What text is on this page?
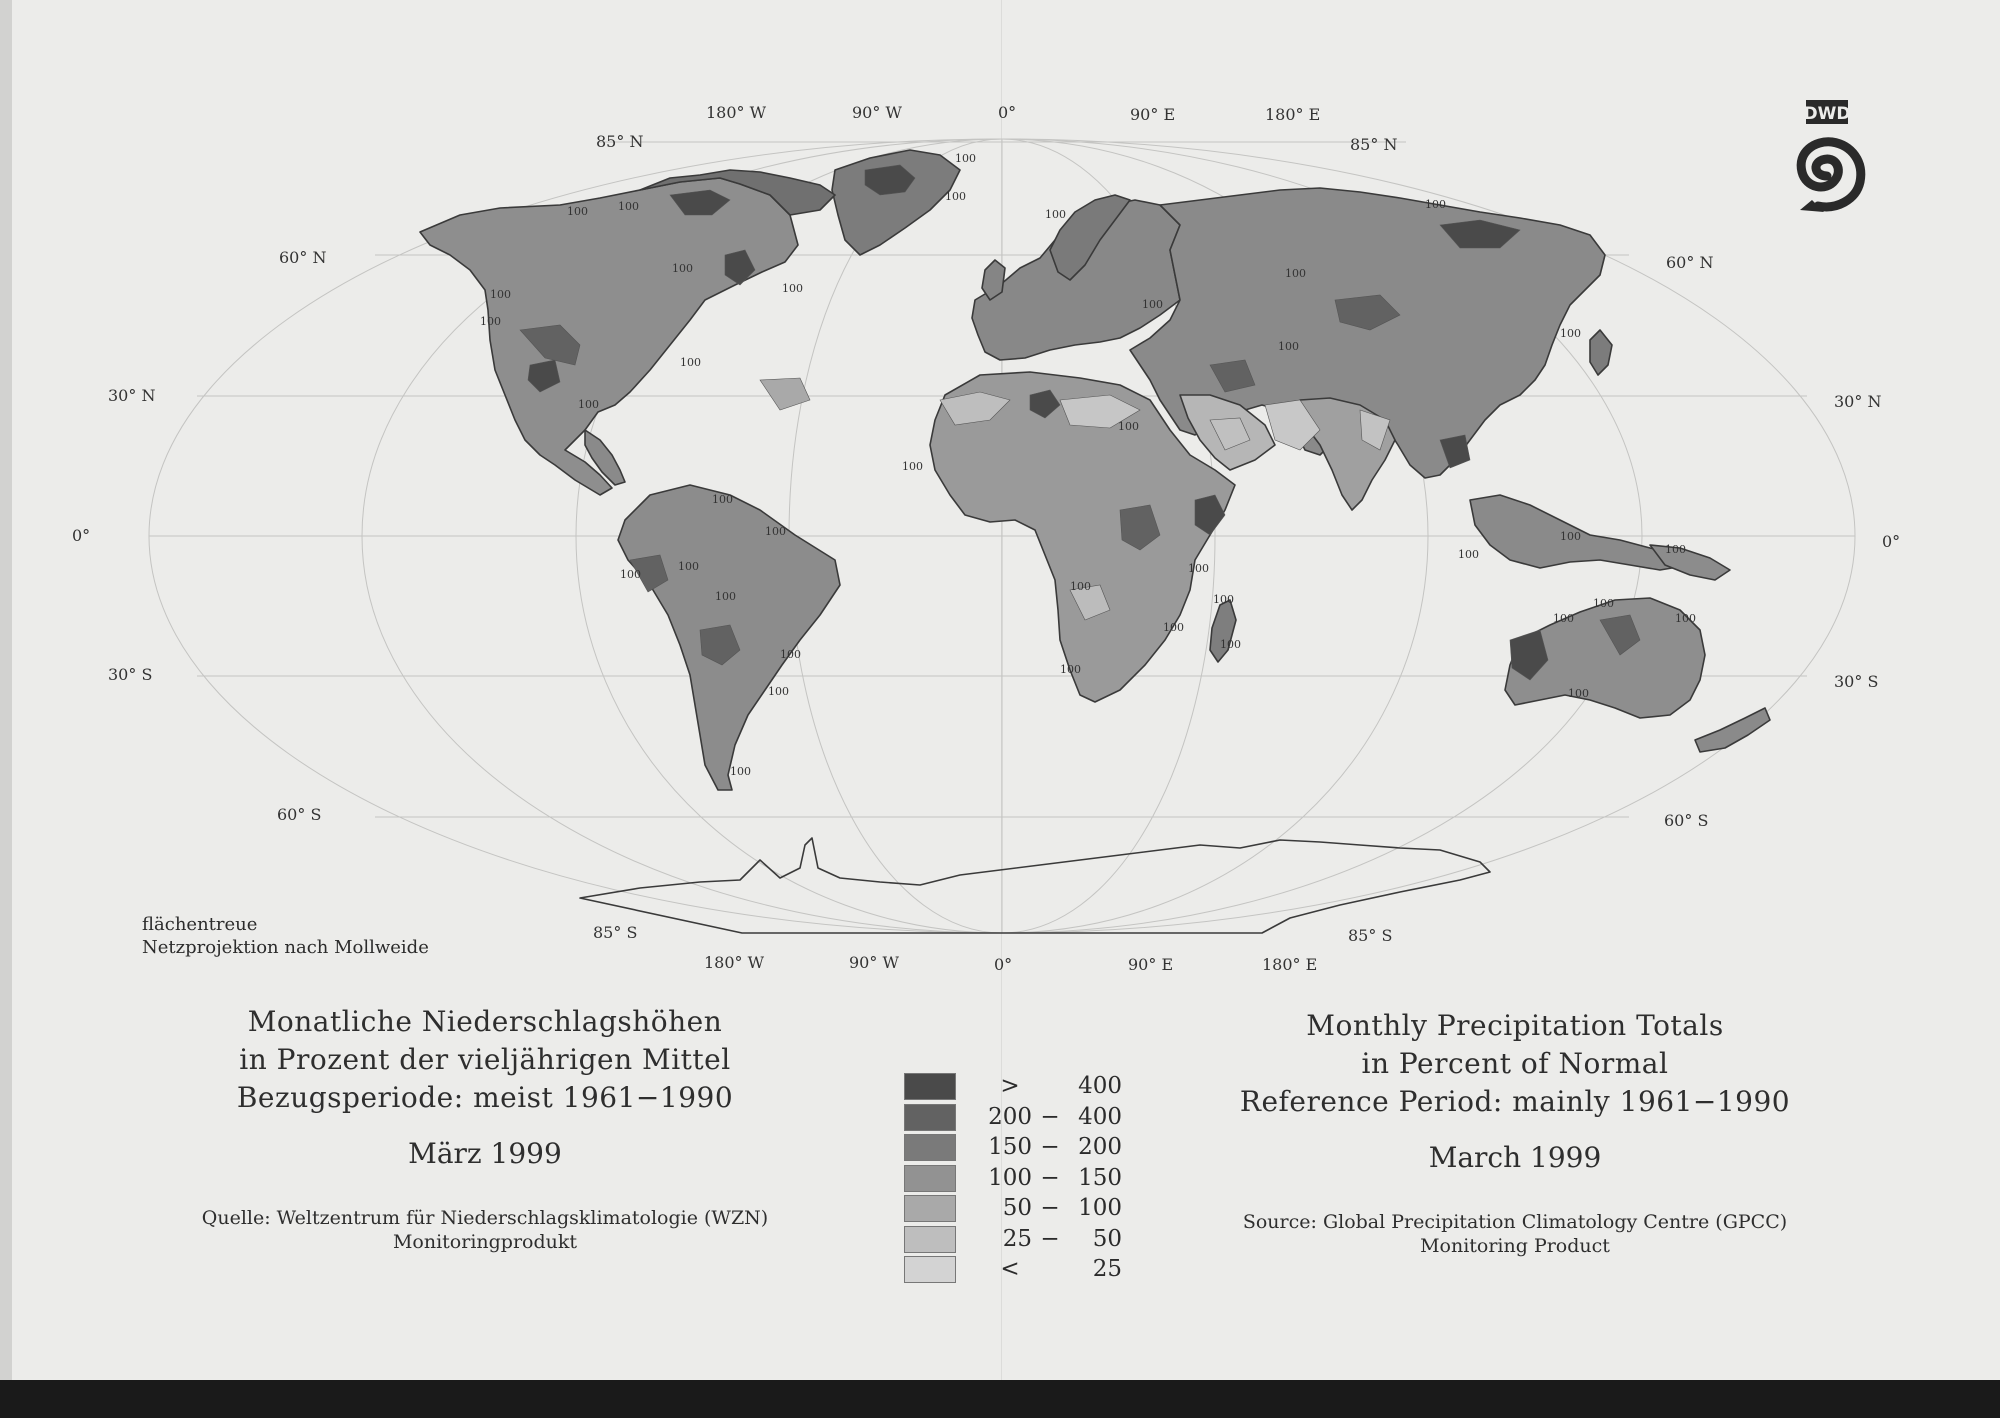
100	100
100
100
100
100
100
100
100
100
100
100
100
100
100
100
100
100
100
100
100
100
100
100
100
100
100
100
100
100
100
100
100
100
100
100
100
100
100
DWD
180° W	90° W	0°	90° E	180° E
180° W	90° W	0°	90° E	180° E
85° N
60° N
30° N
0°
30° S
60° S
85° S
85° N
60° N
30° N
0°
30° S
60° S
85° S
flächentreue
Netzprojektion nach Mollweide
Monatliche Niederschlagshöhen
in Prozent der vieljährigen Mittel
Bezugsperiode: meist 1961−1990
März 1999
Quelle: Weltzentrum für Niederschlagsklimatologie (WZN)
Monitoringprodukt
Monthly Precipitation Totals
in Percent of Normal
Reference Period: mainly 1961−1990
March 1999
Source: Global Precipitation Climatology Centre (GPCC)
Monitoring Product
>	400
200 − 400
150 − 200
100 − 150
50 − 100
25 −	50
<	25
